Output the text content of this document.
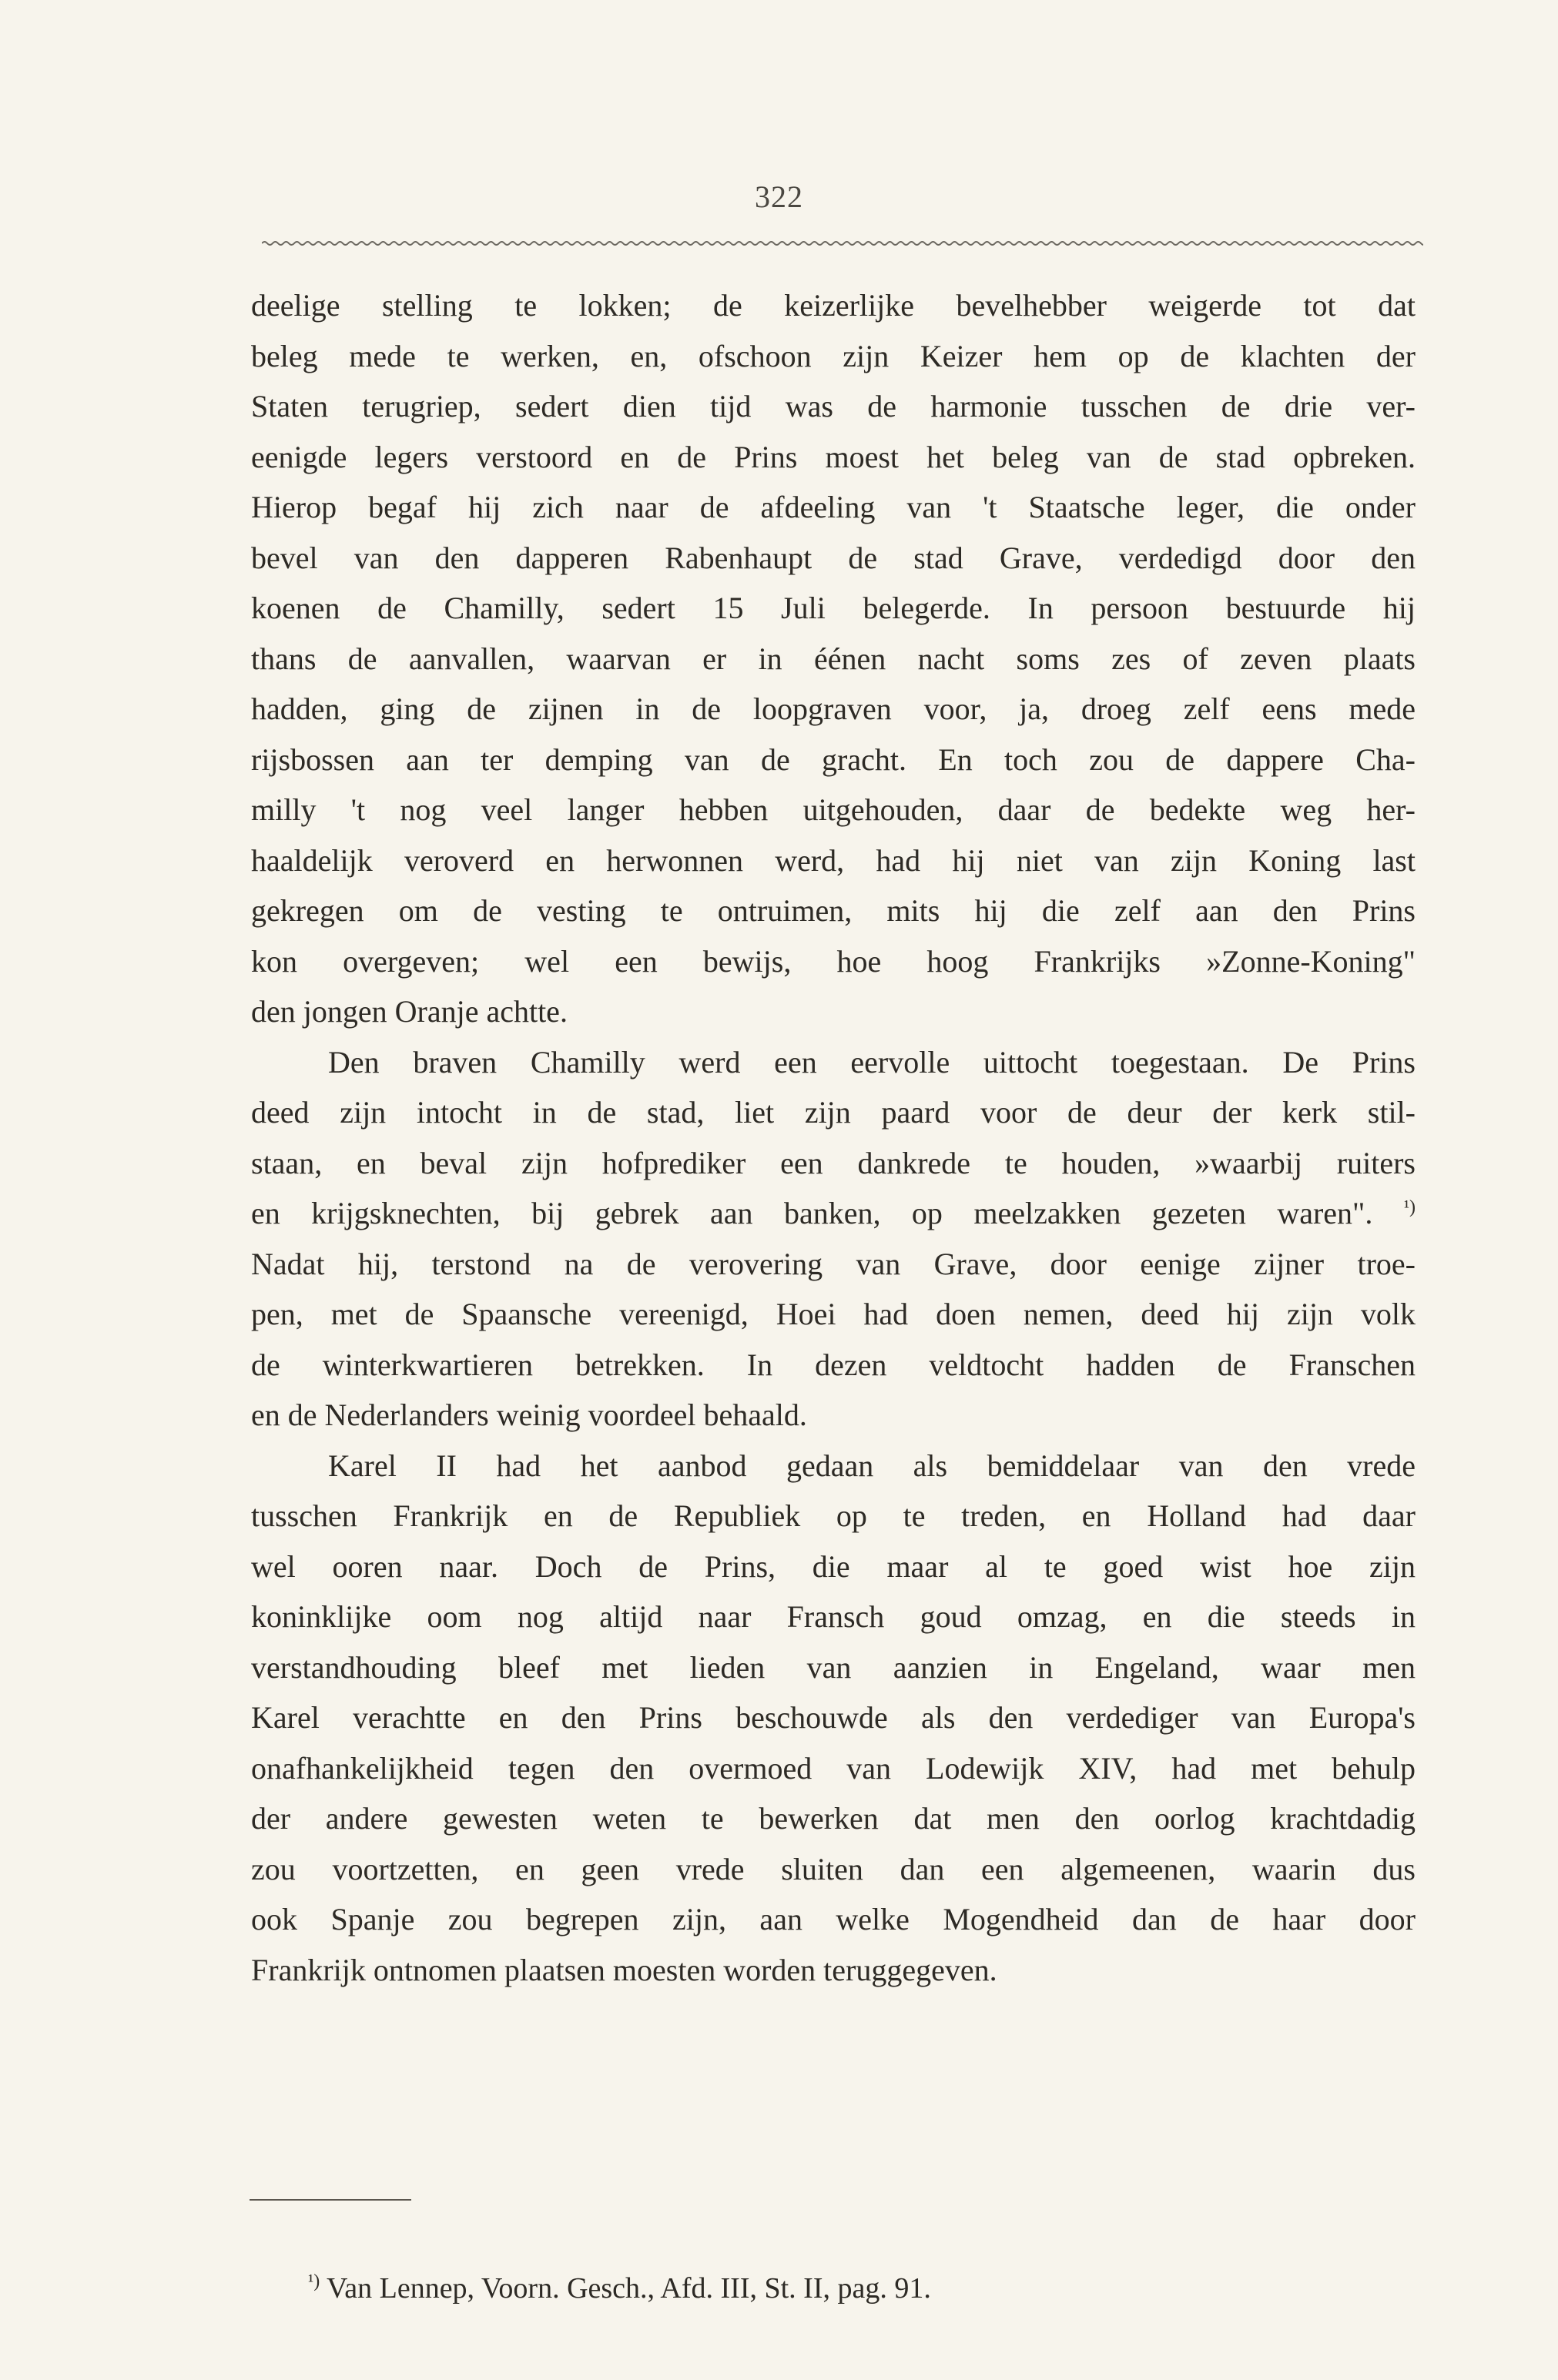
322
deelige stelling te lokken; de keizerlijke bevelhebber weigerde tot dat
beleg mede te werken, en, ofschoon zijn Keizer hem op de klachten der
Staten terugriep, sedert dien tijd was de harmonie tusschen de drie ver-
eenigde legers verstoord en de Prins moest het beleg van de stad opbreken.
Hierop begaf hij zich naar de afdeeling van 't Staatsche leger, die onder
bevel van den dapperen Rabenhaupt de stad Grave, verdedigd door den
koenen de Chamilly, sedert 15 Juli belegerde. In persoon bestuurde hij
thans de aanvallen, waarvan er in éénen nacht soms zes of zeven plaats
hadden, ging de zijnen in de loopgraven voor, ja, droeg zelf eens mede
rijsbossen aan ter demping van de gracht. En toch zou de dappere Cha-
milly 't nog veel langer hebben uitgehouden, daar de bedekte weg her-
haaldelijk veroverd en herwonnen werd, had hij niet van zijn Koning last
gekregen om de vesting te ontruimen, mits hij die zelf aan den Prins
kon overgeven; wel een bewijs, hoe hoog Frankrijks »Zonne-Koning"
den jongen Oranje achtte.
Den braven Chamilly werd een eervolle uittocht toegestaan. De Prins
deed zijn intocht in de stad, liet zijn paard voor de deur der kerk stil-
staan, en beval zijn hofprediker een dankrede te houden, »waarbij ruiters
en krijgsknechten, bij gebrek aan banken, op meelzakken gezeten waren". $^{^1)}$
Nadat hij, terstond na de verovering van Grave, door eenige zijner troe-
pen, met de Spaansche vereenigd, Hoei had doen nemen, deed hij zijn volk
de winterkwartieren betrekken. In dezen veldtocht hadden de Franschen
en de Nederlanders weinig voordeel behaald.
Karel II had het aanbod gedaan als bemiddelaar van den vrede
tusschen Frankrijk en de Republiek op te treden, en Holland had daar
wel ooren naar. Doch de Prins, die maar al te goed wist hoe zijn
koninklijke oom nog altijd naar Fransch goud omzag, en die steeds in
verstandhouding bleef met lieden van aanzien in Engeland, waar men
Karel verachtte en den Prins beschouwde als den verdediger van Europa's
onafhankelijkheid tegen den overmoed van Lodewijk XIV, had met behulp
der andere gewesten weten te bewerken dat men den oorlog krachtdadig
zou voortzetten, en geen vrede sluiten dan een algemeenen, waarin dus
ook Spanje zou begrepen zijn, aan welke Mogendheid dan de haar door
Frankrijk ontnomen plaatsen moesten worden teruggegeven.
$^{^1)}$ Van Lennep, Voorn. Gesch., Afd. III, St. II, pag. 91.
